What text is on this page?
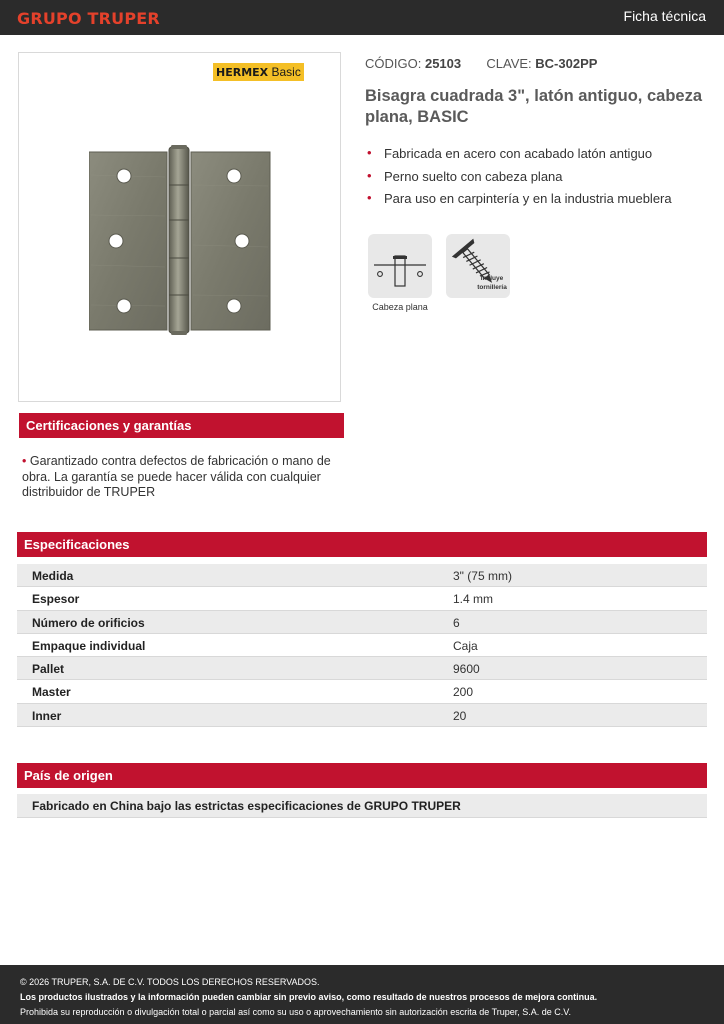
GRUPO TRUPER	Ficha técnica
HERMEX Basic
CÓDIGO: 25103 CLAVE: BC-302PP
Bisagra cuadrada 3", latón antiguo, cabeza plana, BASIC
• Fabricada en acero con acabado latón antiguo
• Perno suelto con cabeza plana
• Para uso en carpintería y en la industria mueblera
Cabeza plana
Incluye
tornillería
Certificaciones y garantías
• Garantizado contra defectos de fabricación o mano de obra. La garantía se puede hacer válida con cualquier distribuidor de TRUPER
Especificaciones
Medida	3" (75 mm)
Espesor	1.4 mm
Número de orificios	6
Empaque individual	Caja
Pallet	9600
Master	200
Inner	20
País de origen
Fabricado en China bajo las estrictas especificaciones de GRUPO TRUPER
© 2026 TRUPER, S.A. DE C.V. TODOS LOS DERECHOS RESERVADOS.
Los productos ilustrados y la información pueden cambiar sin previo aviso, como resultado de nuestros procesos de mejora continua.
Prohibida su reproducción o divulgación total o parcial así como su uso o aprovechamiento sin autorización escrita de Truper, S.A. de C.V.
